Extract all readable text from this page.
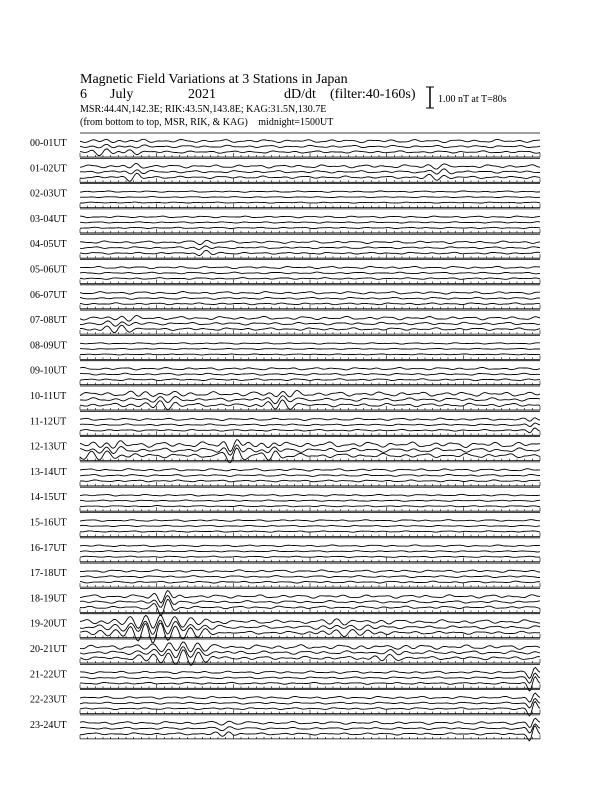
Magnetic Field Variations at 3 Stations in Japan
6 July	2021	dD/dt (filter:40-160s)
MSR:44.4N,142.3E; RIK:43.5N,143.8E; KAG:31.5N,130.7E
(from bottom to top, MSR, RIK, & KAG) midnight=1500UT
1.00 nT at T=80s
00-01UT
01-02UT
02-03UT
03-04UT
04-05UT
05-06UT
06-07UT
07-08UT
08-09UT
09-10UT
10-11UT
11-12UT
12-13UT
13-14UT
14-15UT
15-16UT
16-17UT
17-18UT
18-19UT
19-20UT
20-21UT
21-22UT
22-23UT
23-24UT
